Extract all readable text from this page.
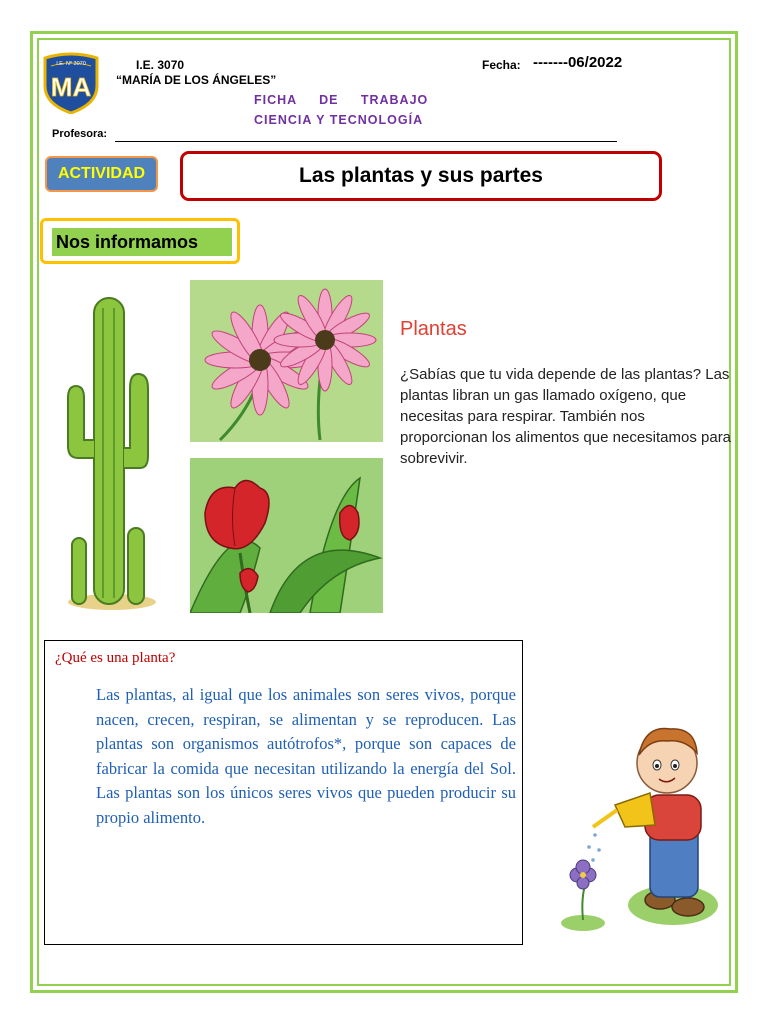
I.E. Nº 3070
MA
I.E. 3070
“MARÍA DE LOS ÁNGELES”
FICHA     DE     TRABAJO
CIENCIA Y TECNOLOGÍA
Fecha: -------06/2022
Profesora:
ACTIVIDAD	Las plantas y sus partes
Nos informamos
Plantas
¿Sabías que tu vida depende de las plantas? Las plantas libran un gas llamado oxígeno, que necesitas para respirar. También nos proporcionan los alimentos que necesitamos para sobrevivir.
¿Qué es una planta?
Las plantas, al igual que los animales son seres vivos, porque nacen, crecen, respiran, se alimentan y se reproducen. Las plantas son organismos autótrofos*, porque son capaces de fabricar la comida que necesitan utilizando la energía del Sol. Las plantas son los únicos seres vivos que pueden producir su propio alimento.
